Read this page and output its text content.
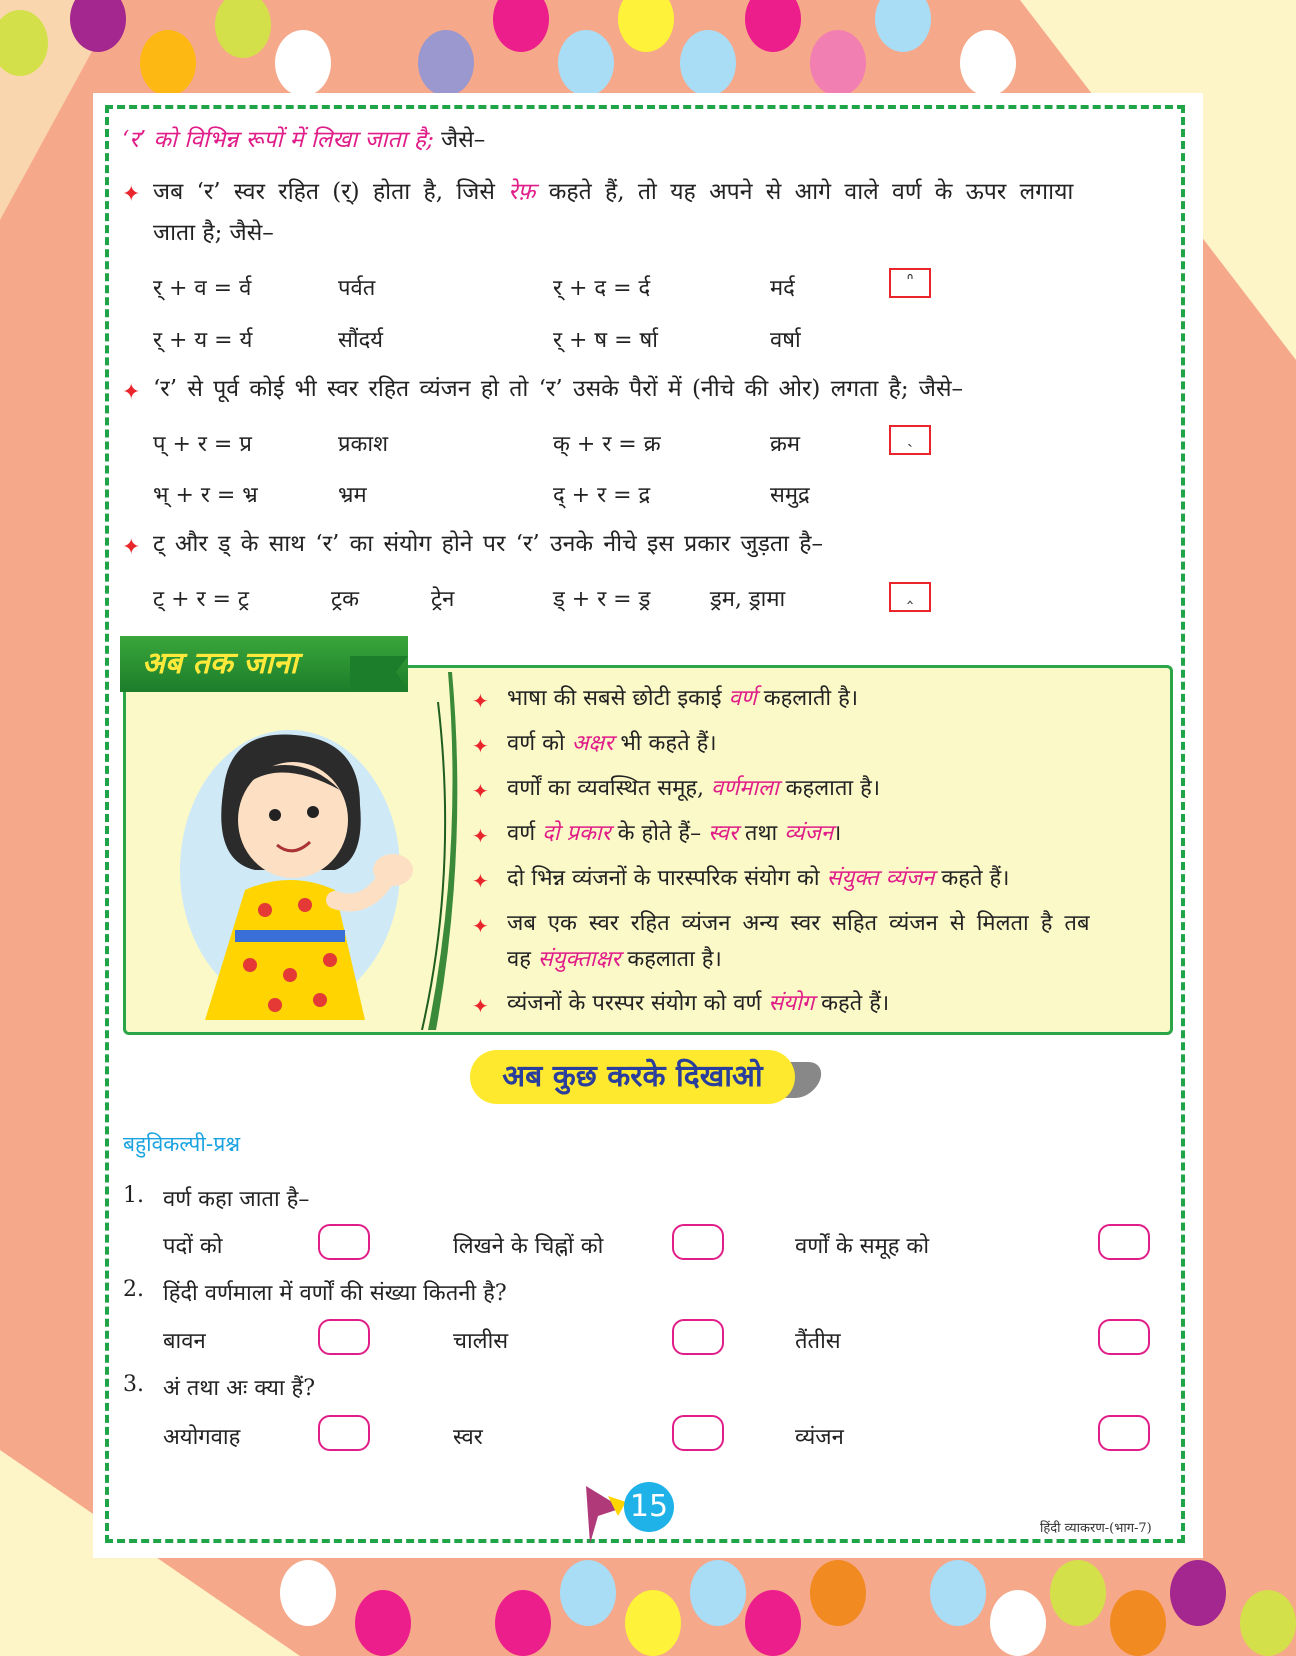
‘र’ को विभिन्न रूपों में लिखा जाता है; जैसे–
✦ जब ‘र’ स्वर रहित (र्) होता है, जिसे रेफ़ कहते हैं, तो यह अपने से आगे वाले वर्ण के ऊपर लगाया
जाता है; जैसे–
र् + व = र्व	पर्वत	र् + द = र्द	मर्द	ᐢ
र् + य = र्य	सौंदर्य	र् + ष = र्षा	वर्षा
✦ ‘र’ से पूर्व कोई भी स्वर रहित व्यंजन हो तो ‘र’ उसके पैरों में (नीचे की ओर) लगता है; जैसे–
प् + र = प्र	प्रकाश	क् + र = क्र	क्रम	ˏ
भ् + र = भ्र	भ्रम	द् + र = द्र	समुद्र
✦ ट् और ड् के साथ ‘र’ का संयोग होने पर ‘र’ उनके नीचे इस प्रकार जुड़ता है–
ट् + र = ट्र	ट्रक	ट्रेन	ड् + र = ड्र	ड्रम, ड्रामा	‸
अब तक जाना
✦ भाषा की सबसे छोटी इकाई वर्ण कहलाती है।
✦ वर्ण को अक्षर भी कहते हैं।
✦ वर्णों का व्यवस्थित समूह, वर्णमाला कहलाता है।
✦ वर्ण दो प्रकार के होते हैं– स्वर तथा व्यंजन।
✦ दो भिन्न व्यंजनों के पारस्परिक संयोग को संयुक्त व्यंजन कहते हैं।
✦ जब एक स्वर रहित व्यंजन अन्य स्वर सहित व्यंजन से मिलता है तब
वह संयुक्ताक्षर कहलाता है।
✦ व्यंजनों के परस्पर संयोग को वर्ण संयोग कहते हैं।
अब कुछ करके दिखाओ
बहुविकल्पी-प्रश्न
1. वर्ण कहा जाता है–
पदों को	लिखने के चिह्नों को	वर्णों के समूह को
2. हिंदी वर्णमाला में वर्णों की संख्या कितनी है?
बावन	चालीस	तैंतीस
3. अं तथा अः क्या हैं?
अयोगवाह	स्वर	व्यंजन
15
हिंदी व्याकरण-(भाग-7)
